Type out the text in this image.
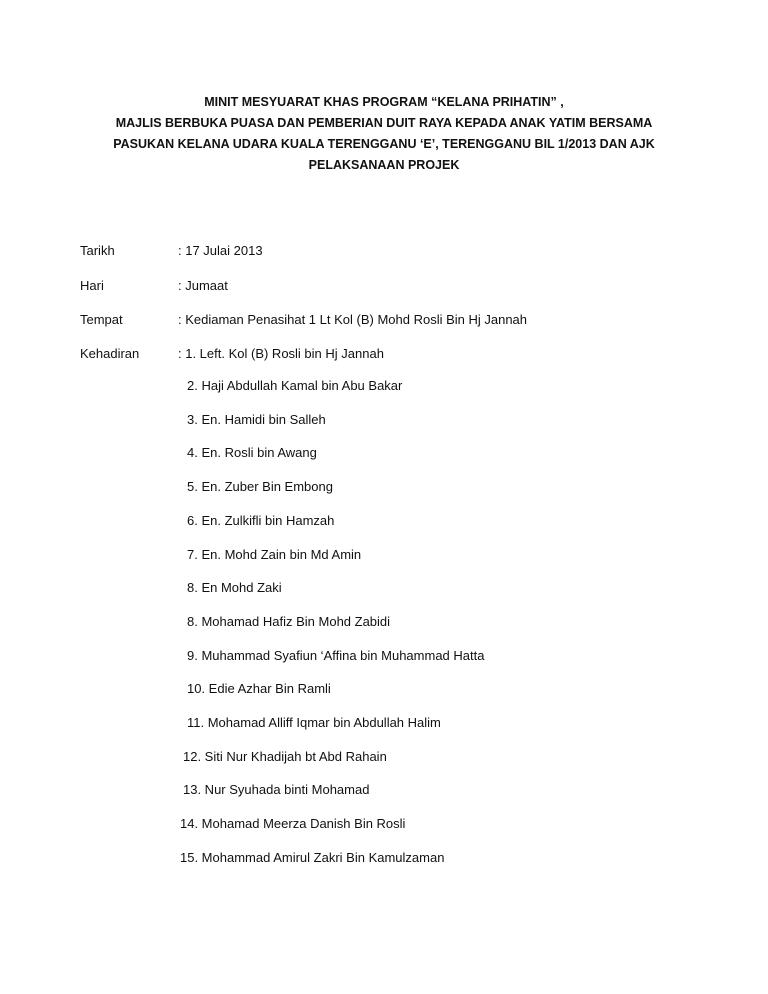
MINIT MESYUARAT KHAS PROGRAM “KELANA PRIHATIN” ,
MAJLIS BERBUKA PUASA DAN PEMBERIAN DUIT RAYA KEPADA ANAK YATIM BERSAMA
PASUKAN KELANA UDARA KUALA TERENGGANU ‘E’, TERENGGANU BIL 1/2013 DAN AJK
PELAKSANAAN PROJEK
Tarikh	: 17 Julai 2013
Hari	: Jumaat
Tempat	: Kediaman Penasihat 1 Lt Kol (B) Mohd Rosli Bin Hj Jannah
Kehadiran	: 1. Left. Kol (B) Rosli bin Hj Jannah
2. Haji Abdullah Kamal bin Abu Bakar
3. En. Hamidi bin Salleh
4. En. Rosli bin Awang
5. En. Zuber Bin Embong
6. En. Zulkifli bin Hamzah
7. En. Mohd Zain bin Md Amin
8. En Mohd Zaki
8. Mohamad Hafiz Bin Mohd Zabidi
9. Muhammad Syafiun ‘Affina bin Muhammad Hatta
10. Edie Azhar Bin Ramli
11. Mohamad Alliff Iqmar bin Abdullah Halim
12. Siti Nur Khadijah bt Abd Rahain
13. Nur Syuhada binti Mohamad
14. Mohamad Meerza Danish Bin Rosli
15. Mohammad Amirul Zakri Bin Kamulzaman
